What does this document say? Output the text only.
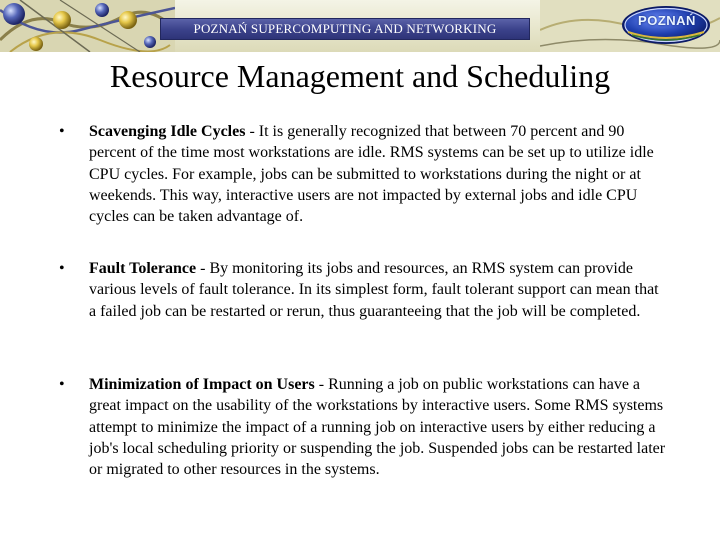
POZNAŃ SUPERCOMPUTING AND NETWORKING
POZNAŃ
Resource Management and Scheduling
• Scavenging Idle Cycles - It is generally recognized that between 70 percent and 90 percent of the time most workstations are idle. RMS systems can be set up to utilize idle CPU cycles. For example, jobs can be submitted to workstations during the night or at weekends. This way, interactive users are not impacted by external jobs and idle CPU cycles can be taken advantage of.
• Fault Tolerance - By monitoring its jobs and resources, an RMS system can provide various levels of fault tolerance. In its simplest form, fault tolerant support can mean that a failed job can be restarted or rerun, thus guaranteeing that the job will be completed.
• Minimization of Impact on Users - Running a job on public workstations can have a great impact on the usability of the workstations by interactive users. Some RMS systems attempt to minimize the impact of a running job on interactive users by either reducing a job's local scheduling priority or suspending the job. Suspended jobs can be restarted later or migrated to other resources in the systems.
